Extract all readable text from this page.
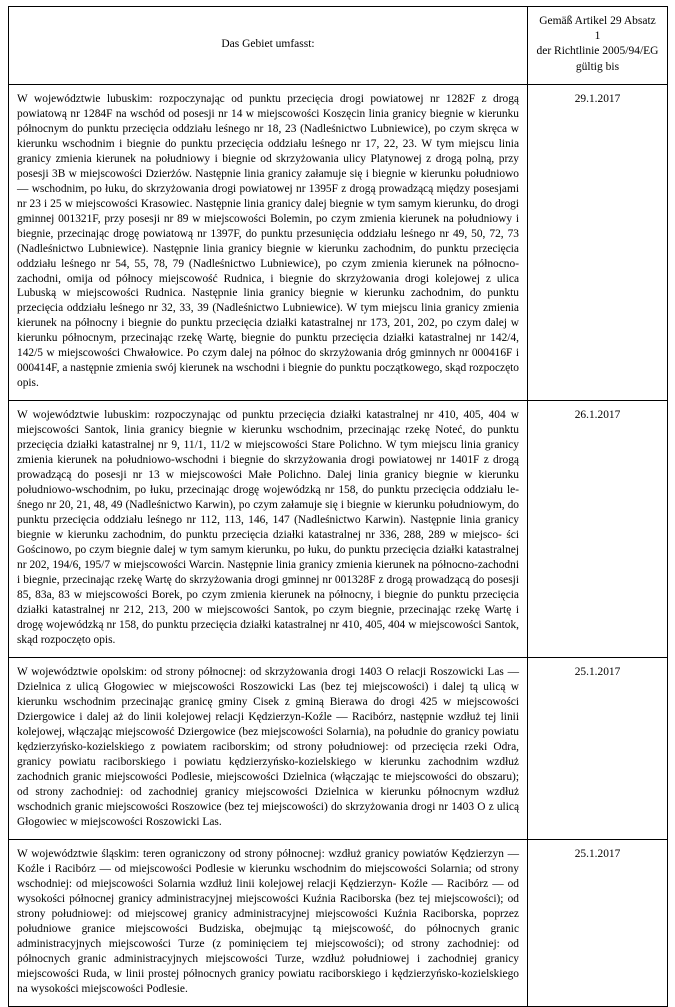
Das Gebiet umfasst:	Gemäß Artikel 29 Absatz 1
der Richtlinie 2005/94/EG
gültig bis

W województwie lubuskim: rozpoczynając od punktu przecięcia drogi powiatowej nr 1282F z drogą powiatową nr 1284F na wschód od posesji nr 14 w miejscowości Koszęcin linia granicy biegnie w kierunku północnym do punktu przecięcia oddziału leśnego nr 18, 23 (Nadleśnictwo Lubniewice), po czym skręca w kierunku wschodnim i biegnie do punktu przecięcia oddziału leśnego nr 17, 22, 23. W tym miejscu linia granicy zmienia kierunek na południowy i biegnie od skrzyżowania ulicy Platynowej z drogą polną, przy posesji 3B w miejscowości Dzierżów. Następnie linia granicy załamuje się i biegnie w kierunku południowo — wschodnim, po łuku, do skrzyżowania drogi powiatowej nr 1395F z drogą prowadzącą między posesjami nr 23 i 25 w miejscowości Krasowiec. Następnie linia granicy dalej biegnie w tym samym kierunku, do drogi gminnej 001321F, przy posesji nr 89 w miejscowości Bolemin, po czym zmienia kierunek na południowy i biegnie, przecinając drogę powiatową nr 1397F, do punktu przesunięcia oddziału leśnego nr 49, 50, 72, 73 (Nadleśnictwo Lubniewice). Następnie linia granicy biegnie w kierunku zachodnim, do punktu przecięcia oddziału leśnego nr 54, 55, 78, 79 (Nadleśnictwo Lubniewice), po czym zmienia kierunek na północno-zachodni, omija od północy miejscowość Rudnica, i biegnie do skrzyżowania drogi kolejowej z ulica Lubuską w miejscowości Rudnica. Następnie linia granicy biegnie w kierunku zachodnim, do punktu przecięcia oddziału leśnego nr 32, 33, 39 (Nadleśnictwo Lubniewice). W tym miejscu linia granicy zmienia kierunek na północny i biegnie do punktu przecięcia działki katastralnej nr 173, 201, 202, po czym dalej w kierunku północnym, przecinając rzekę Wartę, biegnie do punktu przecięcia działki katastralnej nr 142/4, 142/5 w miejscowości Chwałowice. Po czym dalej na północ do skrzyżowania dróg gminnych nr 000416F i 000414F, a następnie zmienia swój kierunek na wschodni i biegnie do punktu początkowego, skąd rozpoczęto opis.	29.1.2017
W województwie lubuskim: rozpoczynając od punktu przecięcia działki katastralnej nr 410, 405, 404 w miejscowości Santok, linia granicy biegnie w kierunku wschodnim, przecinając rzekę Noteć, do punktu przecięcia działki katastralnej nr 9, 11/1, 11/2 w miejscowości Stare Polichno. W tym miejscu linia granicy zmienia kierunek na południowo-wschodni i biegnie do skrzyżowania drogi powiatowej nr 1401F z drogą prowadzącą do posesji nr 13 w miejscowości Małe Polichno. Dalej linia granicy biegnie w kierunku południowo-wschodnim, po łuku, przecinając drogę wojewódzką nr 158, do punktu przecięcia oddziału le- śnego nr 20, 21, 48, 49 (Nadleśnictwo Karwin), po czym załamuje się i biegnie w kierunku południowym, do punktu przecięcia oddziału leśnego nr 112, 113, 146, 147 (Nadleśnictwo Karwin). Następnie linia granicy biegnie w kierunku zachodnim, do punktu przecięcia działki katastralnej nr 336, 288, 289 w miejsco- ści Gościnowo, po czym biegnie dalej w tym samym kierunku, po łuku, do punktu przecięcia działki katastralnej nr 202, 194/6, 195/7 w miejscowości Warcin. Następnie linia granicy zmienia kierunek na północno-zachodni i biegnie, przecinając rzekę Wartę do skrzyżowania drogi gminnej nr 001328F z drogą prowadzącą do posesji 85, 83a, 83 w miejscowości Borek, po czym zmienia kierunek na północny, i biegnie do punktu przecięcia działki katastralnej nr 212, 213, 200 w miejscowości Santok, po czym biegnie, przecinając rzekę Wartę i drogę wojewódzką nr 158, do punktu przecięcia działki katastralnej nr 410, 405, 404 w miejscowości Santok, skąd rozpoczęto opis.	26.1.2017
W województwie opolskim: od strony północnej: od skrzyżowania drogi 1403 O relacji Roszowicki Las — Dzielnica z ulicą Głogowiec w miejscowości Roszowicki Las (bez tej miejscowości) i dalej tą ulicą w kierunku wschodnim przecinając granicę gminy Cisek z gminą Bierawa do drogi 425 w miejscowości Dziergowice i dalej aż do linii kolejowej relacji Kędzierzyn-Koźle — Racibórz, następnie wzdłuż tej linii kolejowej, włączając miejscowość Dziergowice (bez miejscowości Solarnia), na południe do granicy powiatu kędzierzyńsko-kozielskiego z powiatem raciborskim; od strony południowej: od przecięcia rzeki Odra, granicy powiatu raciborskiego i powiatu kędzierzyńsko-kozielskiego w kierunku zachodnim wzdłuż zachodnich granic miejscowości Podlesie, miejscowości Dzielnica (włączając te miejscowości do obszaru); od strony zachodniej: od zachodniej granicy miejscowości Dzielnica w kierunku północnym wzdłuż wschodnich granic miejscowości Roszowice (bez tej miejscowości) do skrzyżowania drogi nr 1403 O z ulicą Głogowiec w miejscowości Roszowicki Las.	25.1.2017
W województwie śląskim: teren ograniczony od strony północnej: wzdłuż granicy powiatów Kędzierzyn — Koźle i Racibórz — od miejscowości Podlesie w kierunku wschodnim do miejscowości Solarnia; od strony wschodniej: od miejscowości Solarnia wzdłuż linii kolejowej relacji Kędzierzyn- Koźle — Racibórz — od wysokości północnej granicy administracyjnej miejscowości Kuźnia Raciborska (bez tej miejscowości); od strony południowej: od miejscowej granicy administracyjnej miejscowości Kuźnia Raciborska, poprzez południowe granice miejscowości Budziska, obejmując tą miejscowość, do północnych granic administracyjnych miejscowości Turze (z pominięciem tej miejscowości); od strony zachodniej: od północnych granic administracyjnych miejscowości Turze, wzdłuż południowej i zachodniej granicy miejscowości Ruda, w linii prostej północnych granicy powiatu raciborskiego i kędzierzyńsko-kozielskiego na wysokości miejscowości Podlesie.	25.1.2017
